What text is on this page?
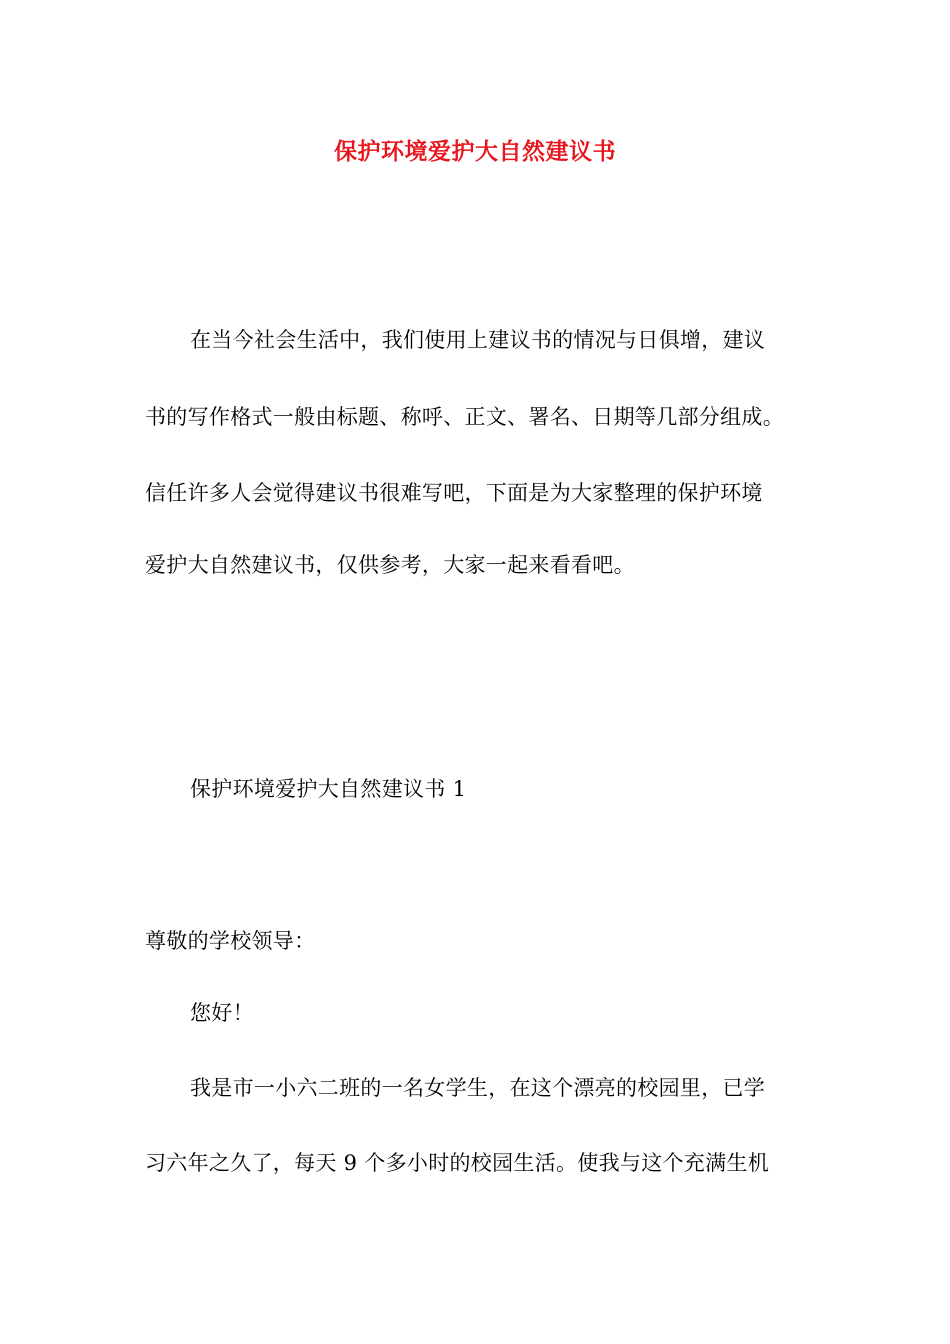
保护环境爱护大自然建议书
在当今社会生活中，我们使用上建议书的情况与日俱增，建议
书的写作格式一般由标题、称呼、正文、署名、日期等几部分组成。
信任许多人会觉得建议书很难写吧，下面是为大家整理的保护环境
爱护大自然建议书，仅供参考，大家一起来看看吧。
保护环境爱护大自然建议书 1
尊敬的学校领导：
您好！
我是市一小六二班的一名女学生，在这个漂亮的校园里，已学
习六年之久了，每天 9 个多小时的校园生活。使我与这个充满生机
